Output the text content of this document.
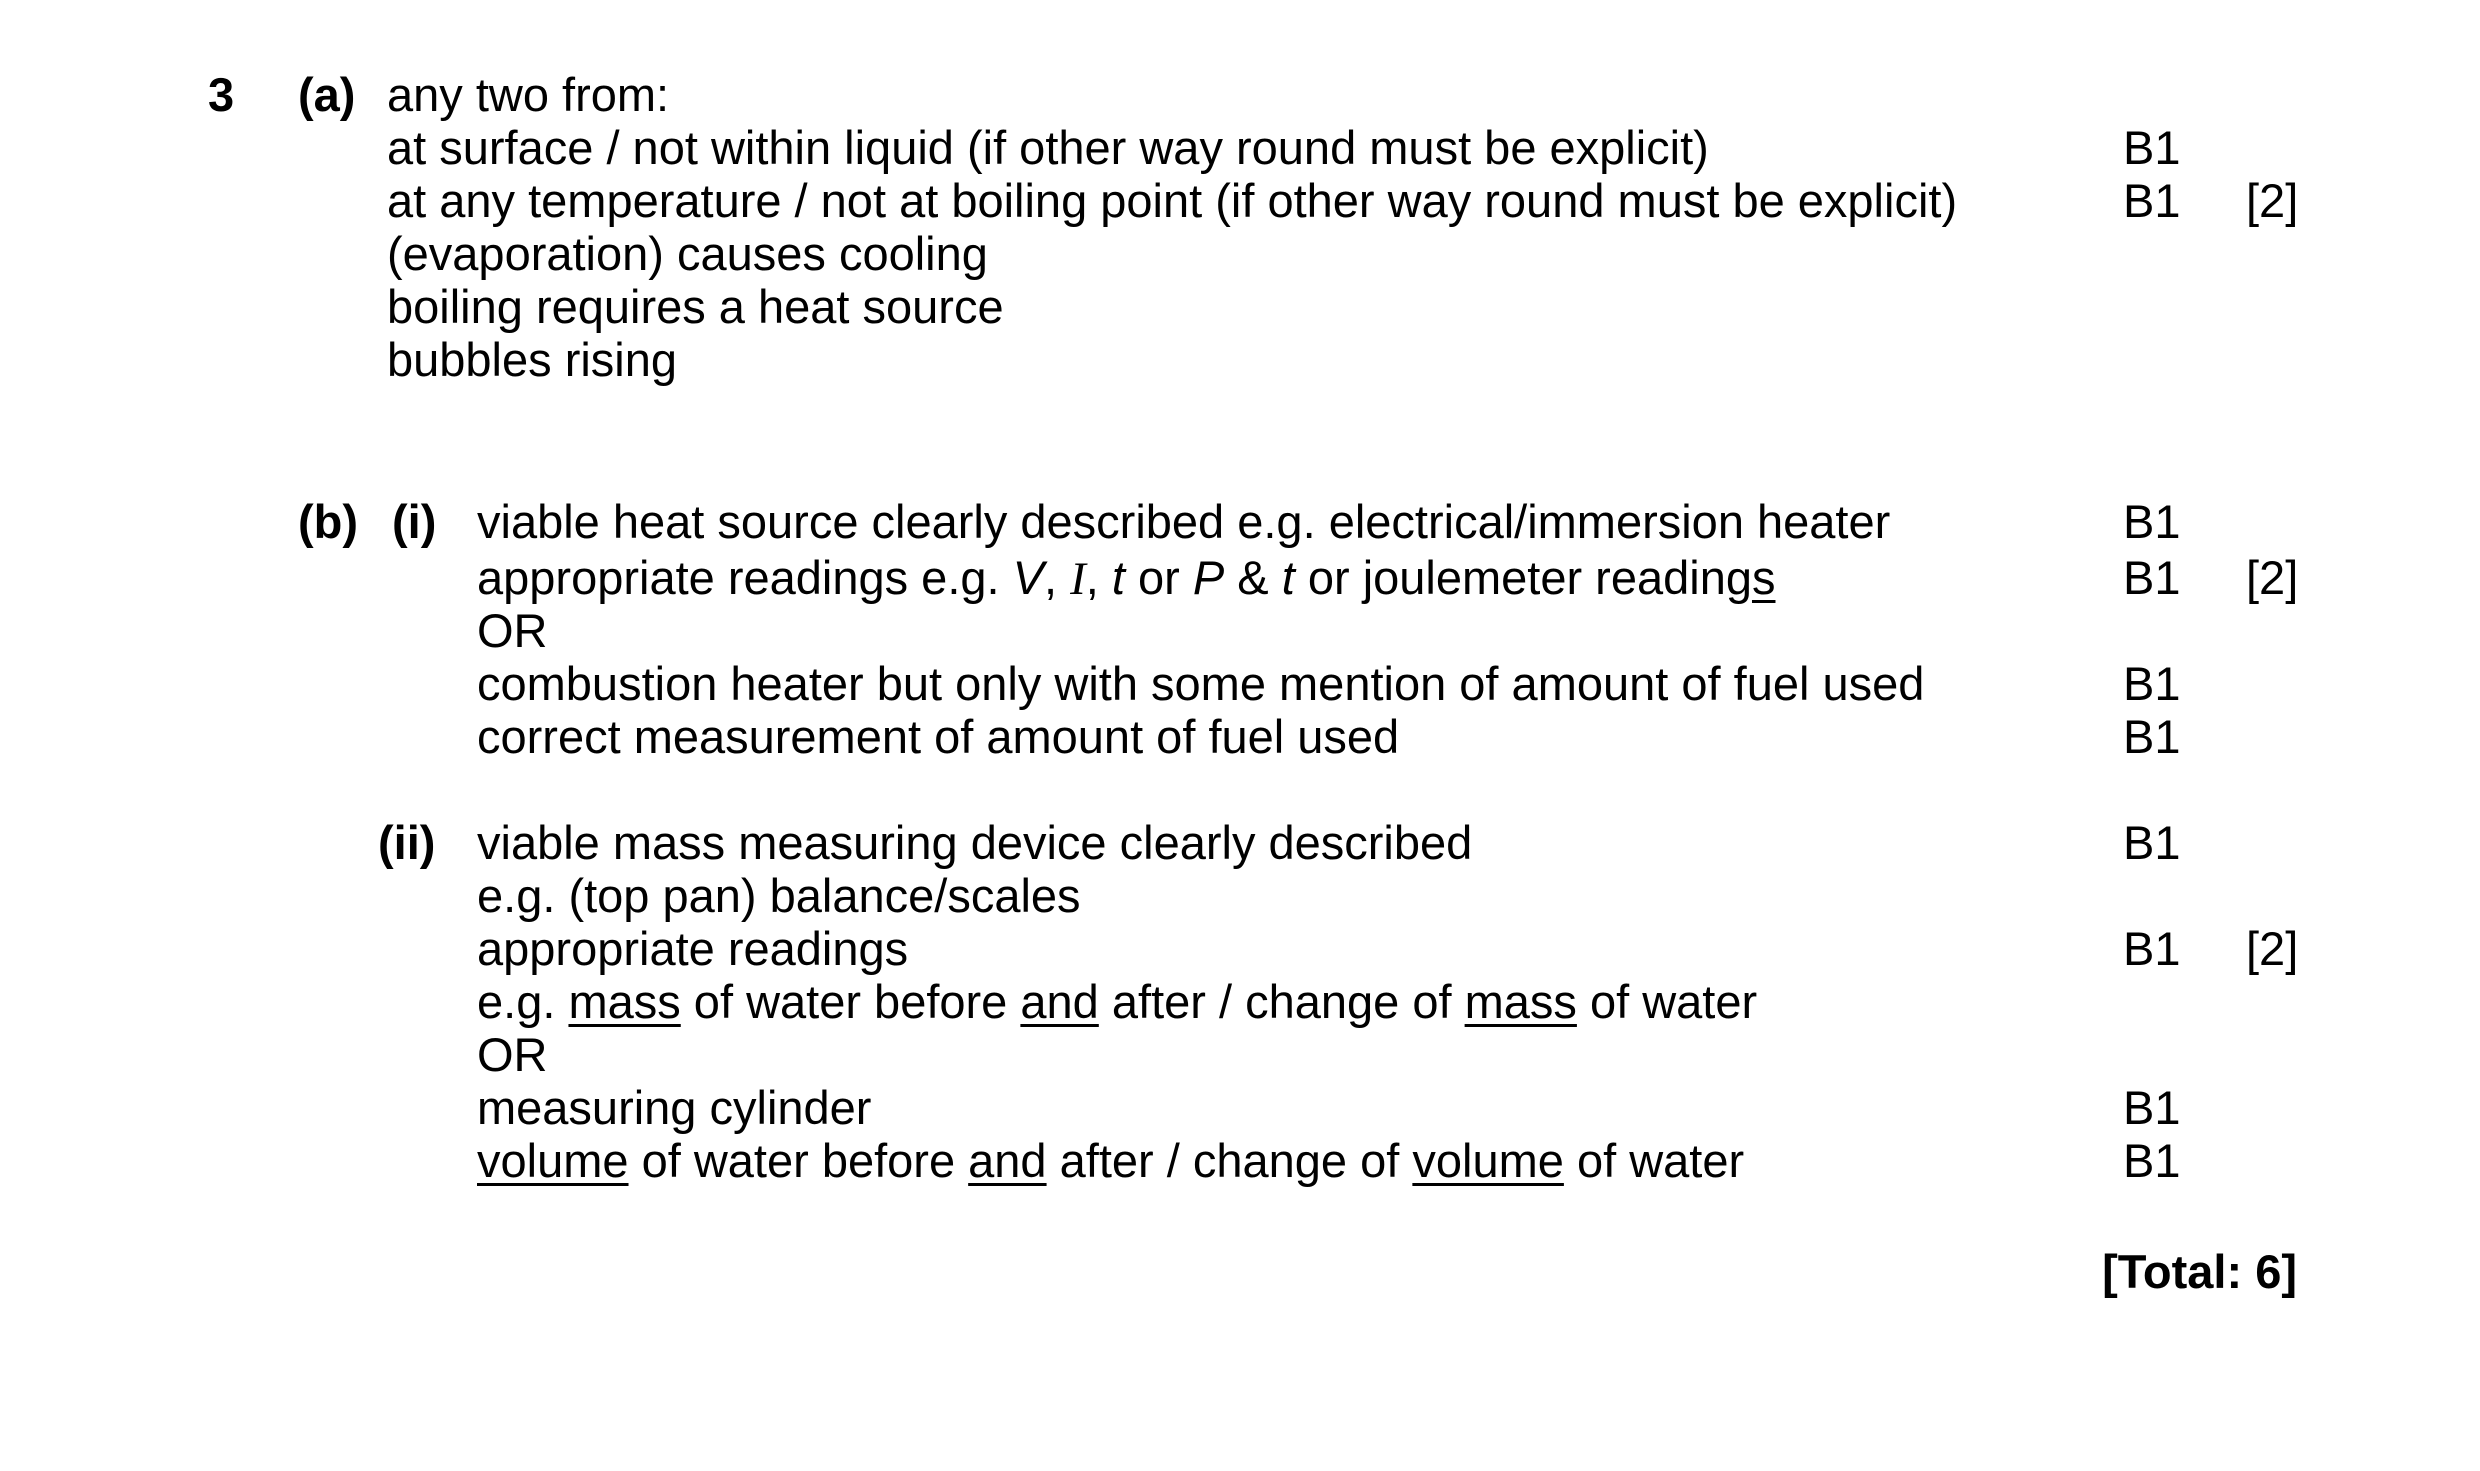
3 (a) any two from:
at surface / not within liquid (if other way round must be explicit)	B1
at any temperature / not at boiling point (if other way round must be explicit)	B1 [2]
(evaporation) causes cooling
boiling requires a heat source
bubbles rising
(b) (i) viable heat source clearly described e.g. electrical/immersion heater	B1
appropriate readings e.g. V, I, t or P & t or joulemeter readings	B1 [2]
OR
combustion heater but only with some mention of amount of fuel used	B1
correct measurement of amount of fuel used	B1
(ii) viable mass measuring device clearly described	B1
e.g. (top pan) balance/scales
appropriate readings	B1 [2]
e.g. mass of water before and after / change of mass of water
OR
measuring cylinder	B1
volume of water before and after / change of volume of water	B1
[Total: 6]
